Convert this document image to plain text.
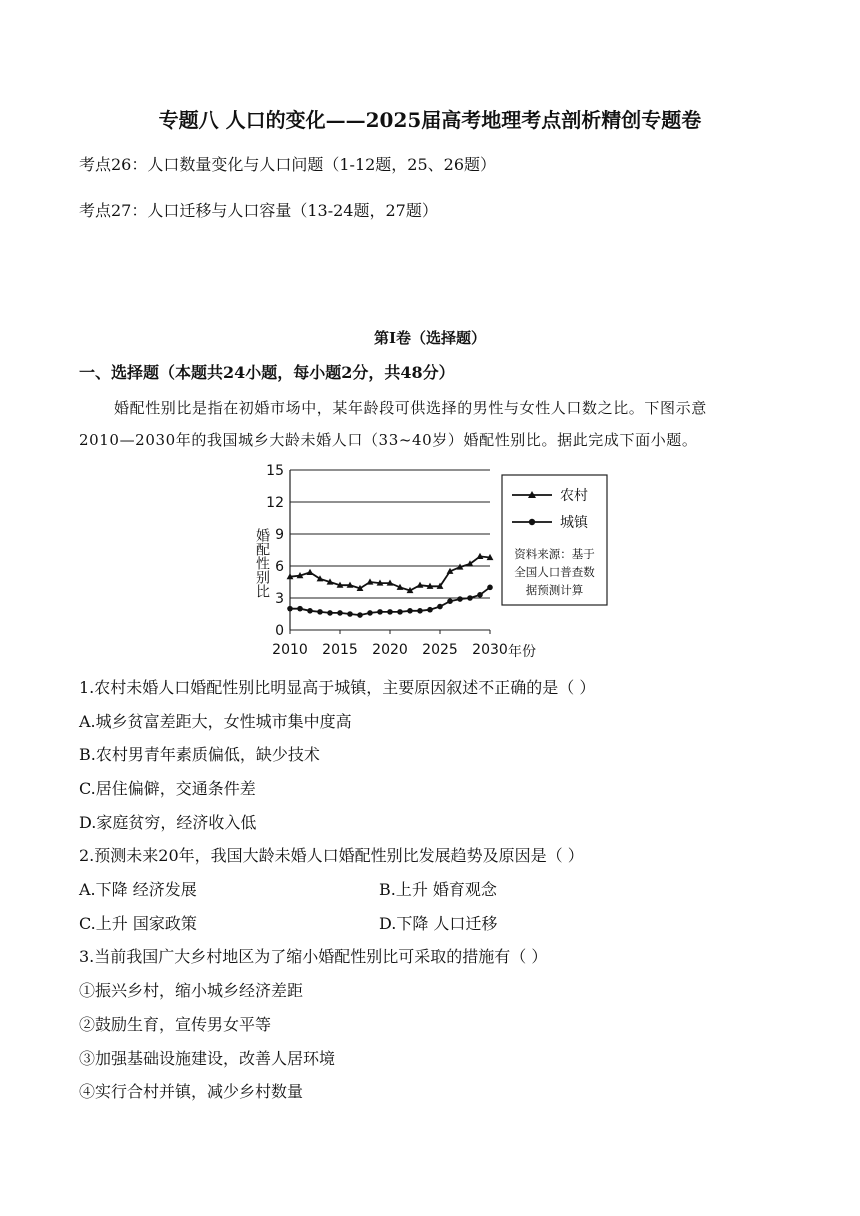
专题八 人口的变化——2025届高考地理考点剖析精创专题卷
考点26：人口数量变化与人口问题（1-12题，25、26题）
考点27：人口迁移与人口容量（13-24题，27题）
第Ⅰ卷（选择题）
一、选择题（本题共24小题，每小题2分，共48分）
婚配性别比是指在初婚市场中，某年龄段可供选择的男性与女性人口数之比。下图示意
2010—2030年的我国城乡大龄未婚人口（33~40岁）婚配性别比。据此完成下面小题。
0
3
6
9
12
15
2010 2015 2020 2025 2030
婚配性别比
年份
农村
城镇
资料来源：基于
全国人口普查数
据预测计算
1.农村未婚人口婚配性别比明显高于城镇，主要原因叙述不正确的是（ ）
A.城乡贫富差距大，女性城市集中度高
B.农村男青年素质偏低，缺少技术
C.居住偏僻，交通条件差
D.家庭贫穷，经济收入低
2.预测未来20年，我国大龄未婚人口婚配性别比发展趋势及原因是（ ）
A.下降 经济发展	B.上升 婚育观念
C.上升 国家政策	D.下降 人口迁移
3.当前我国广大乡村地区为了缩小婚配性别比可采取的措施有（ ）
①振兴乡村，缩小城乡经济差距
②鼓励生育，宣传男女平等
③加强基础设施建设，改善人居环境
④实行合村并镇，减少乡村数量
